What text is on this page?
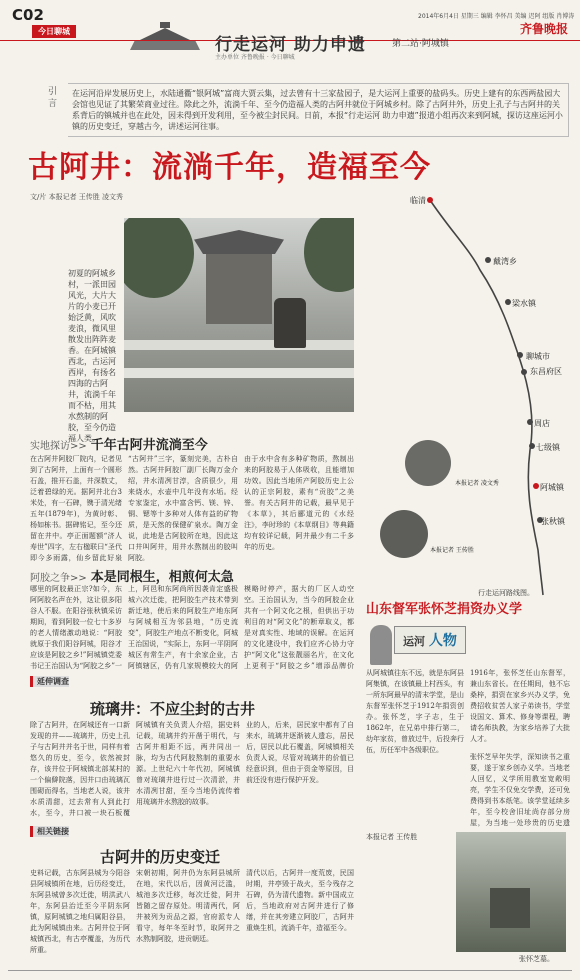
C02
今日聊城
2014年6月4日 星期三 编辑 李怀昌 美编 迟阿 组版 肖博涛
齐鲁晚报
行走运河 助力申遗	第二站·阿城镇
主办单位 齐鲁晚报 · 今日聊城
引言
在运河沿岸发展历史上，水陆通衢“银阿城”富商大贾云集，过去曾有十三家盐园子，是大运河上重要的盐码头。历史上建有的东西两盐园大会馆也见证了其繁荣商业过往。除此之外，流淌千年、至今仍造福人类的古阿井就位于阿城乡村。除了古阿井外，历史上孔子与古阿井的关系背后的镇城并也在此处，因未得到开发利用，至今被尘封民间。日前，本报“行走运河 助力申遗”报道小组再次来到阿城，探访这座运河小镇的历史变迁，穿越古今，讲述运河往事。
古阿井：流淌千年，造福至今
文/片 本报记者 王传胜 凌文秀
初夏的阿城乡村，一派田园风光，大片大片的小麦已开始泛黄，风吹麦浪，微风里散发出阵阵麦香。在阿城镇西北，古运河西岸，有扬名四海的古阿井，流淌千年而不枯，用其水熬制的阿胶，至今仍造福人类。
临清
戴湾乡
梁水镇
聊城市
东昌府区
周店
七级镇
阿城镇
张秋镇
行走运河路线图。
本报记者 凌文秀
本报记者 王传胜
实地探访>> 千年古阿井流淌至今
在古阿井阿胶厂院内，记者见到了古阿井，上面有一个圆形石盖，推开石盖，井深数丈，泛着碧绿的光。据阿井北台3米处，有一石碑，镌于清光绪五年(1879年)，为黄时彰、杨如栋书。据碑铭记，至今还留在井中。亭正面题额“济人寿世”四字，左右楹联曰“圣代即今多雨露，仙乡留此好泉
“古阿井”三字，篆刻完美，古朴自然。古阿井阿胶厂副厂长陶万金介绍，井水清冽甘淳，含质很少，用来烧水，水壶中几年没有水垢。经专家鉴定，水中富含钙、镁、锌、铜、锶等十多种对人体有益的矿物质，是天然的保健矿泉水。陶万金说，此地是古阿胶所在地，因此这口井叫阿井，用井水熬制出的胶叫阿胶。
由于水中含有多种矿物质，熬制出来的阿胶易于人体吸收，且能增加功效。因此当地所产阿胶历史上公认的正宗阿胶，素有“贡胶”之美誉。有关古阿井的记载，最早见于《本草》，其后郦道元的《水经注》，李时珍的《本草纲目》等典籍均有较详记载，阿井最少有二千多年的历史。
阿胶之争>> 本是同根生，相煎何太急
哪里的阿胶最正宗?如今，东阿阿胶名声在外，这让很多阳谷人不服。在阳谷张秋镇采访期间，看到阿胶一位七十多岁的老人情绪激动地说：“阿胶就原于我们阳谷阿城，阳谷才应该是阿胶之乡!”阿城镇党委书记王治国认为“阿胶之乡”一
上，阿邑和东阿尚所因袭肯定盛极城六次迁徙，把阿胶生产技术带到新迁地，使后来的阿胶生产地东阿与阿城相互为邻县地，“历史流变”，阿胶生产地点不断变化，阿城王治国说，“实际上，东阿一平阴阿城区有常生产，有十余家企业，古阿镇辖区，仍有几家规模较大的阿
模略时停产，据大的厂区人动空空。王治国认为，当今的阿胶企业共有一个阿文化之根，但供出于功利目的对“阿文化”的断章取义，都是对真实性、地域的误解。在运河的文化建设中，我们应齐心协力守护“阿文化”这张靓丽名片，在文化上更利于“阿胶之乡”增添品牌价
延伸调查
琉璃井：不应尘封的古井
除了古阿井，在阿城还有一口新发现的井——琉璃井，历史上孔子与古阿井并名于世，同样有着悠久的历史，至今，依然被封存，该井位于阿城镇北部某村的一个偏僻院落，因井口由琉璃瓦围砌而得名，当地老人说，该井水质清甜，过去常有人到此打水，至今，井口被一块石板覆
阿城镇有关负责人介绍，据史料记载，琉璃井约开凿于明代，与古阿井相距不远，两井同出一脉，均为古代阿胶熬制的重要水源。上世纪六十年代初，阿城镇曾对琉璃井进行过一次清淤，井水清冽甘甜，至今当地仍流传着用琉璃井水熬胶的故事。
业的人，后来，居民家中都有了自来水，琉璃井逐渐被人遗忘，居民后，居民以此石覆盖，阿城镇相关负责人说，尽管对琉璃井的价值已经意识到，但由于资金等原因，目前还没有进行保护开发。
相关链接
古阿井的历史变迁
史料记载，古东阿县城为今阳谷县阿城镇所在地，后历经变迁，东阿县城曾多次迁徙，明洪武八年，东阿县治迁至今平阴东阿镇，原阿城镇之地归属阳谷县，此为阿城镇由来。古阿井位于阿城镇西北，有古亭覆盖，为历代所重。
宋朝初期，阿井仍为东阿县城所在地，宋代以后，因黄河泛滥，城池多次迁移，每次迁徙，阿井皆随之留存原处。明清两代，阿井被列为贡品之源，官府派专人看守，每年冬至时节，取阿井之水熬制阿胶，进贡朝廷。
清代以后，古阿井一度荒废，民国时期，井亭毁于战火，至今残存之石碑，仍为清代遗物。新中国成立后，当地政府对古阿井进行了修缮，并在其旁建立阿胶厂，古阿井重焕生机，流淌千年，造福至今。
山东督军张怀芝捐资办义学
运河 人物
从阿城镇往东不远，就是东阿县阿集镇，在该镇最上村西头，有一所东阿最早的清末学堂，是山东督军张怀芝于1912年捐资创办。张怀芝，字子志，生于1862年，在兄弟中排行第二，幼年家贫，曾放过牛，后投奔行伍，历任军中各级职位。
1916年，张怀芝任山东督军，兼山东省长。在任期间，他不忘桑梓，捐资在家乡兴办义学，免费招收贫苦人家子弟读书，学堂设国文、算术、修身等课程，聘请名师执教，为家乡培养了大批人才。
张怀芝早年失学，深知读书之重要，遂于家乡创办义学。当地老人回忆，义学所用教室宽敞明亮，学生不仅免交学费，还可免费得到书本纸笔。该学堂延续多年，至今校舍旧址尚存部分房屋，为当地一处珍贵的历史遗
本报记者 王传胜
张怀芝墓。
